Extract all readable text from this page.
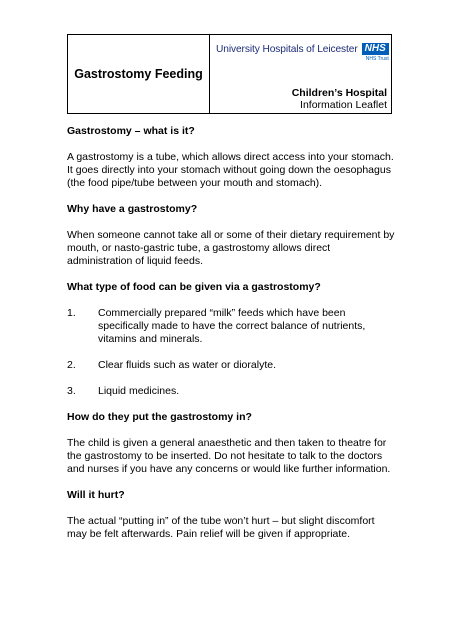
Gastrostomy Feeding
University Hospitals of Leicester NHS
NHS Trust
Children’s Hospital
Information Leaflet
Gastrostomy – what is it?

A gastrostomy is a tube, which allows direct access into your stomach. It goes directly into your stomach without going down the oesophagus (the food pipe/tube between your mouth and stomach).

Why have a gastrostomy?

When someone cannot take all or some of their dietary requirement by mouth, or nasto-gastric tube, a gastrostomy allows direct administration of liquid feeds.

What type of food can be given via a gastrostomy?
1.	Commercially prepared “milk” feeds which have been specifically made to have the correct balance of nutrients, vitamins and minerals.
2.	Clear fluids such as water or dioralyte.
3.	Liquid medicines.
How do they put the gastrostomy in?

The child is given a general anaesthetic and then taken to theatre for the gastrostomy to be inserted. Do not hesitate to talk to the doctors and nurses if you have any concerns or would like further information.

Will it hurt?

The actual “putting in” of the tube won’t hurt – but slight discomfort may be felt afterwards. Pain relief will be given if appropriate.
